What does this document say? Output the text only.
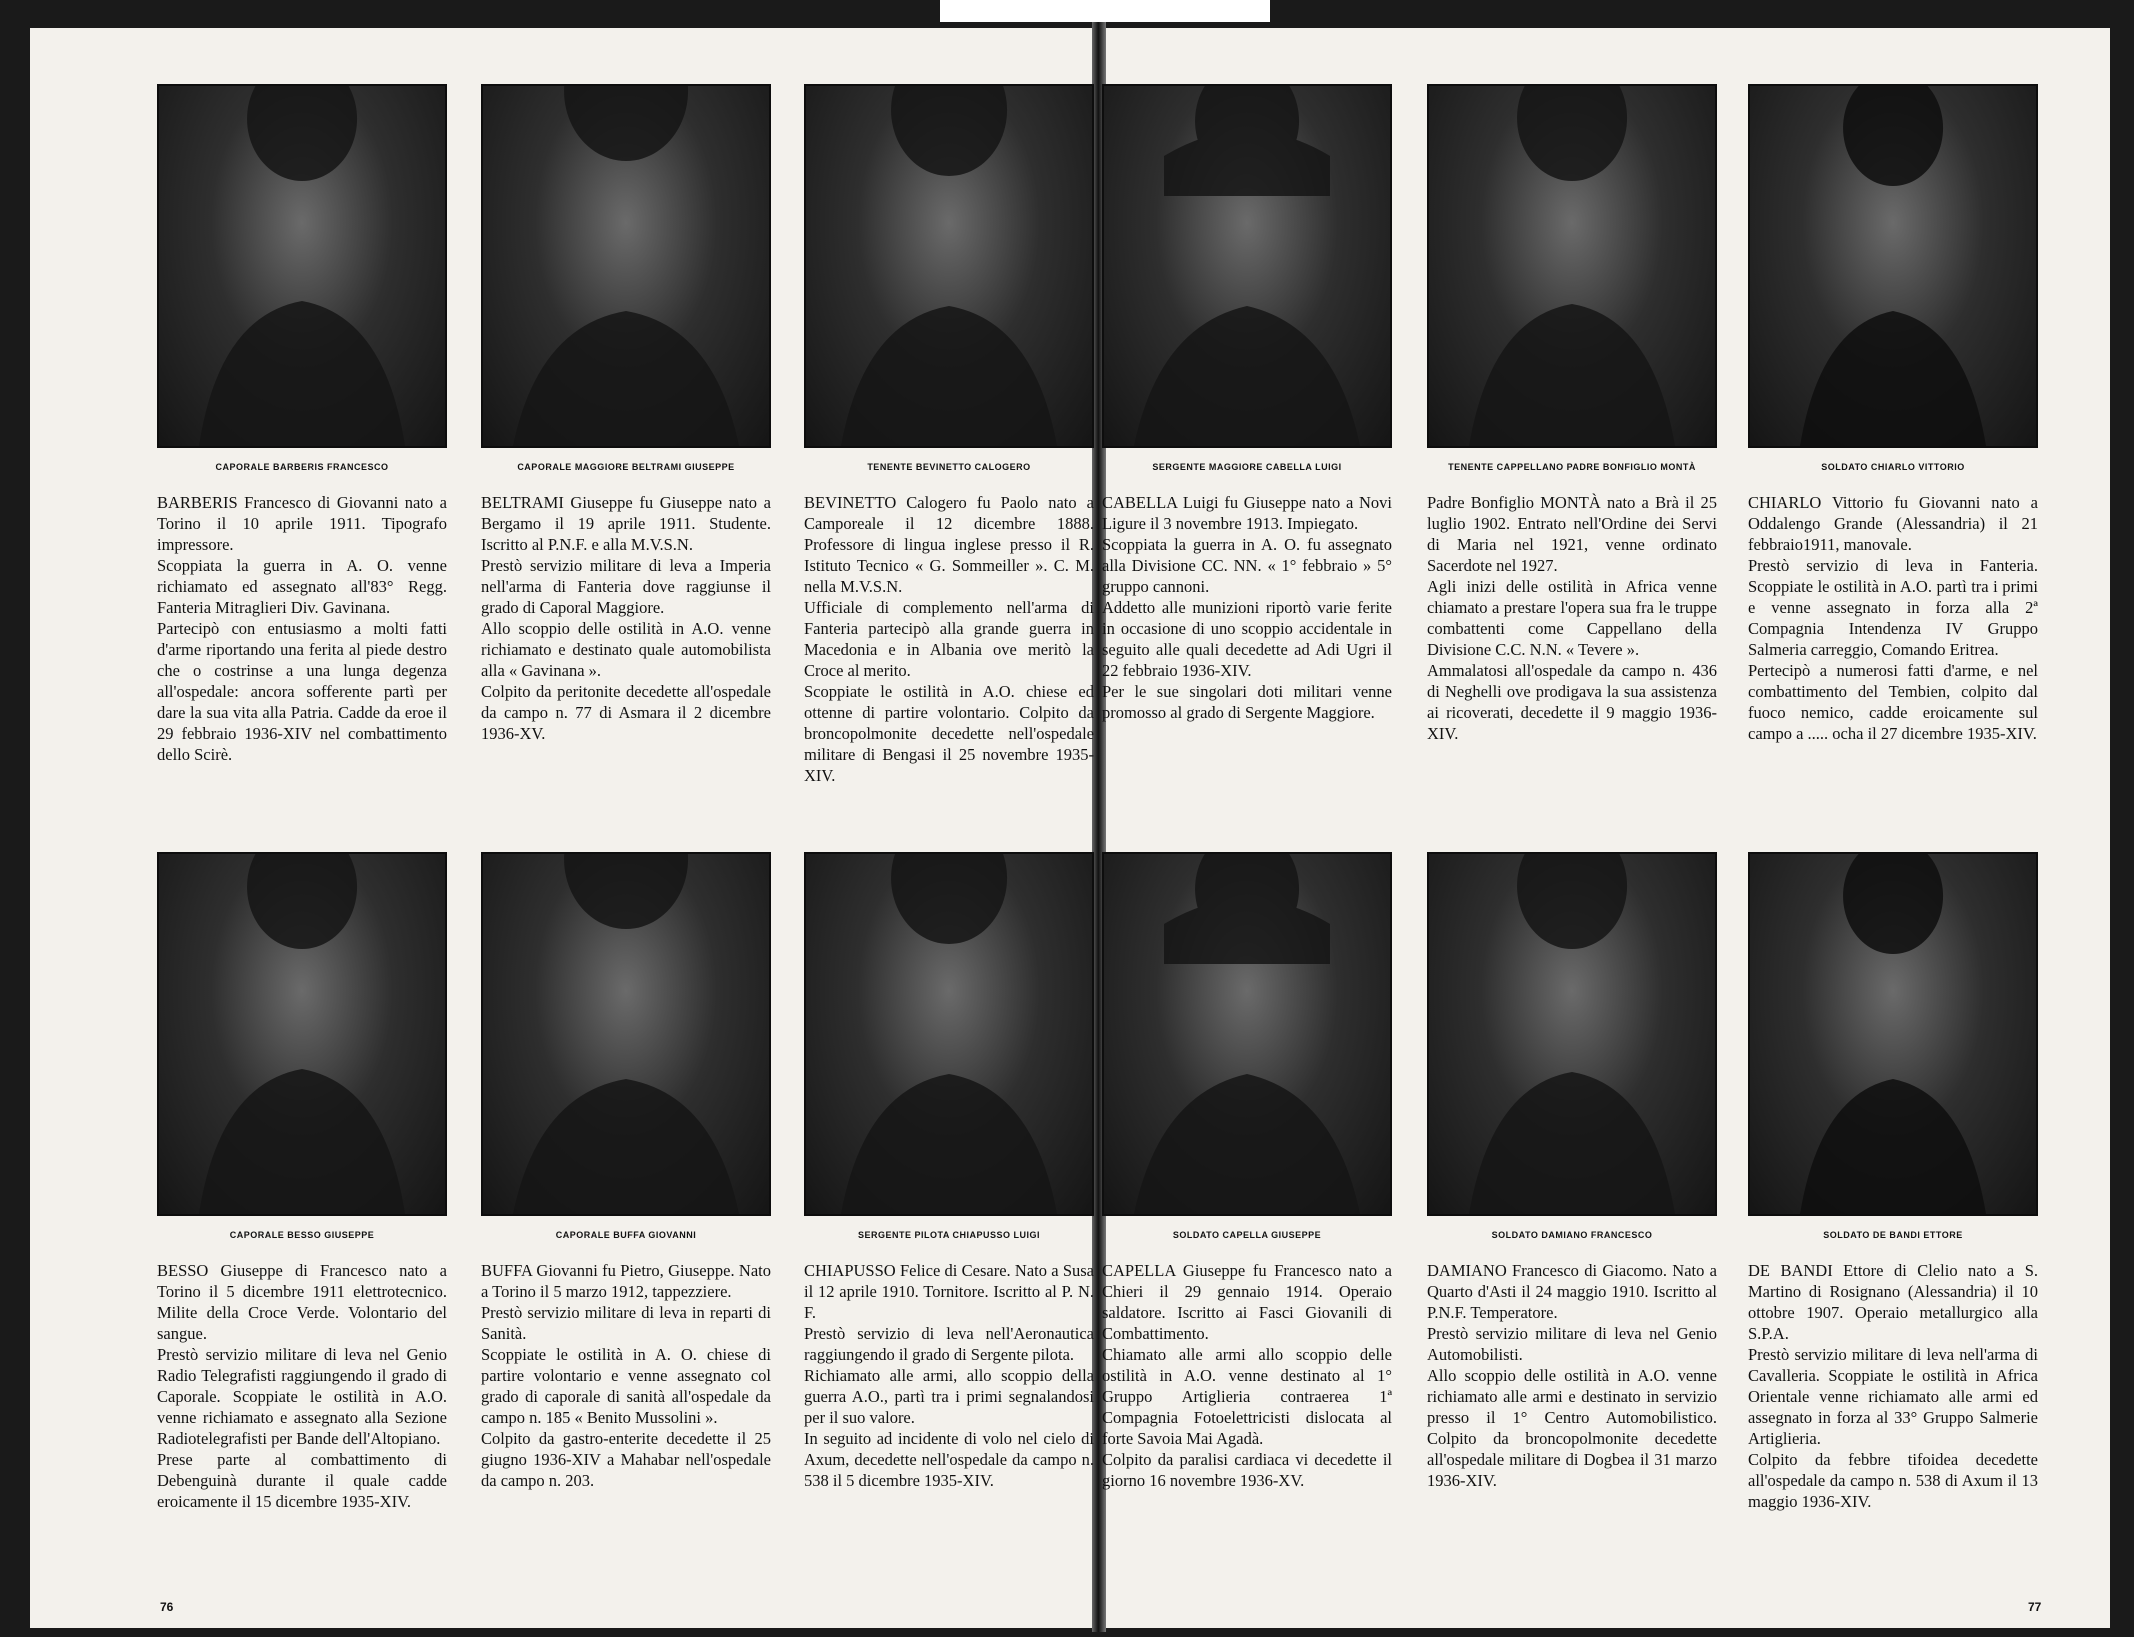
CAPORALE BARBERIS FRANCESCO
BARBERIS Francesco di Giovanni nato a Torino il 10 aprile 1911. Tipografo impressore.
Scoppiata la guerra in A. O. venne richiamato ed assegnato all'83° Regg. Fanteria Mitraglieri Div. Gavinana.
Partecipò con entusiasmo a molti fatti d'arme riportando una ferita al piede destro che o costrinse a una lunga degenza all'ospedale: ancora sofferente partì per dare la sua vita alla Patria. Cadde da eroe il 29 febbraio 1936-XIV nel combattimento dello Scirè.
CAPORALE MAGGIORE BELTRAMI GIUSEPPE
BELTRAMI Giuseppe fu Giuseppe nato a Bergamo il 19 aprile 1911. Studente. Iscritto al P.N.F. e alla M.V.S.N.
Prestò servizio militare di leva a Imperia nell'arma di Fanteria dove raggiunse il grado di Caporal Maggiore.
Allo scoppio delle ostilità in A.O. venne richiamato e destinato quale automobilista alla « Gavinana ».
Colpito da peritonite decedette all'ospedale da campo n. 77 di Asmara il 2 dicembre 1936-XV.
TENENTE BEVINETTO CALOGERO
BEVINETTO Calogero fu Paolo nato a Camporeale il 12 dicembre 1888. Professore di lingua inglese presso il R. Istituto Tecnico « G. Sommeiller ». C. M. nella M.V.S.N.
Ufficiale di complemento nell'arma di Fanteria partecipò alla grande guerra in Macedonia e in Albania ove meritò la Croce al merito.
Scoppiate le ostilità in A.O. chiese ed ottenne di partire volontario. Colpito da broncopolmonite decedette nell'ospedale militare di Bengasi il 25 novembre 1935-XIV.
SERGENTE MAGGIORE CABELLA LUIGI
CABELLA Luigi fu Giuseppe nato a Novi Ligure il 3 novembre 1913. Impiegato.
Scoppiata la guerra in A. O. fu assegnato alla Divisione CC. NN. « 1° febbraio » 5° gruppo cannoni.
Addetto alle munizioni riportò varie ferite in occasione di uno scoppio accidentale in seguito alle quali decedette ad Adi Ugri il 22 febbraio 1936-XIV.
Per le sue singolari doti militari venne promosso al grado di Sergente Maggiore.
TENENTE CAPPELLANO PADRE BONFIGLIO MONTÀ
Padre Bonfiglio MONTÀ nato a Brà il 25 luglio 1902. Entrato nell'Ordine dei Servi di Maria nel 1921, venne ordinato Sacerdote nel 1927.
Agli inizi delle ostilità in Africa venne chiamato a prestare l'opera sua fra le truppe combattenti come Cappellano della Divisione C.C. N.N. « Tevere ».
Ammalatosi all'ospedale da campo n. 436 di Neghelli ove prodigava la sua assistenza ai ricoverati, decedette il 9 maggio 1936-XIV.
SOLDATO CHIARLO VITTORIO
CHIARLO Vittorio fu Giovanni nato a Oddalengo Grande (Alessandria) il 21 febbraio1911, manovale.
Prestò servizio di leva in Fanteria. Scoppiate le ostilità in A.O. partì tra i primi e venne assegnato in forza alla 2ª Compagnia Intendenza IV Gruppo Salmeria carreggio, Comando Eritrea.
Pertecipò a numerosi fatti d'arme, e nel combattimento del Tembien, colpito dal fuoco nemico, cadde eroicamente sul campo a ..... ocha il 27 dicembre 1935-XIV.
CAPORALE BESSO GIUSEPPE
BESSO Giuseppe di Francesco nato a Torino il 5 dicembre 1911 elettrotecnico. Milite della Croce Verde. Volontario del sangue.
Prestò servizio militare di leva nel Genio Radio Telegrafisti raggiungendo il grado di Caporale. Scoppiate le ostilità in A.O. venne richiamato e assegnato alla Sezione Radiotelegrafisti per Bande dell'Altopiano.
Prese parte al combattimento di Debenguinà durante il quale cadde eroicamente il 15 dicembre 1935-XIV.
CAPORALE BUFFA GIOVANNI
BUFFA Giovanni fu Pietro, Giuseppe. Nato a Torino il 5 marzo 1912, tappezziere.
Prestò servizio militare di leva in reparti di Sanità.
Scoppiate le ostilità in A. O. chiese di partire volontario e venne assegnato col grado di caporale di sanità all'ospedale da campo n. 185 « Benito Mussolini ».
Colpito da gastro-enterite decedette il 25 giugno 1936-XIV a Mahabar nell'ospedale da campo n. 203.
SERGENTE PILOTA CHIAPUSSO LUIGI
CHIAPUSSO Felice di Cesare. Nato a Susa il 12 aprile 1910. Tornitore. Iscritto al P. N. F.
Prestò servizio di leva nell'Aeronautica raggiungendo il grado di Sergente pilota.
Richiamato alle armi, allo scoppio della guerra A.O., partì tra i primi segnalandosi per il suo valore.
In seguito ad incidente di volo nel cielo di Axum, decedette nell'ospedale da campo n. 538 il 5 dicembre 1935-XIV.
SOLDATO CAPELLA GIUSEPPE
CAPELLA Giuseppe fu Francesco nato a Chieri il 29 gennaio 1914. Operaio saldatore. Iscritto ai Fasci Giovanili di Combattimento.
Chiamato alle armi allo scoppio delle ostilità in A.O. venne destinato al 1° Gruppo Artiglieria contraerea 1ª Compagnia Fotoelettricisti dislocata al forte Savoia Mai Agadà.
Colpito da paralisi cardiaca vi decedette il giorno 16 novembre 1936-XV.
SOLDATO DAMIANO FRANCESCO
DAMIANO Francesco di Giacomo. Nato a Quarto d'Asti il 24 maggio 1910. Iscritto al P.N.F. Temperatore.
Prestò servizio militare di leva nel Genio Automobilisti.
Allo scoppio delle ostilità in A.O. venne richiamato alle armi e destinato in servizio presso il 1° Centro Automobilistico. Colpito da broncopolmonite decedette all'ospedale militare di Dogbea il 31 marzo 1936-XIV.
SOLDATO DE BANDI ETTORE
DE BANDI Ettore di Clelio nato a S. Martino di Rosignano (Alessandria) il 10 ottobre 1907. Operaio metallurgico alla S.P.A.
Prestò servizio militare di leva nell'arma di Cavalleria. Scoppiate le ostilità in Africa Orientale venne richiamato alle armi ed assegnato in forza al 33° Gruppo Salmerie Artiglieria.
Colpito da febbre tifoidea decedette all'ospedale da campo n. 538 di Axum il 13 maggio 1936-XIV.
76	77
